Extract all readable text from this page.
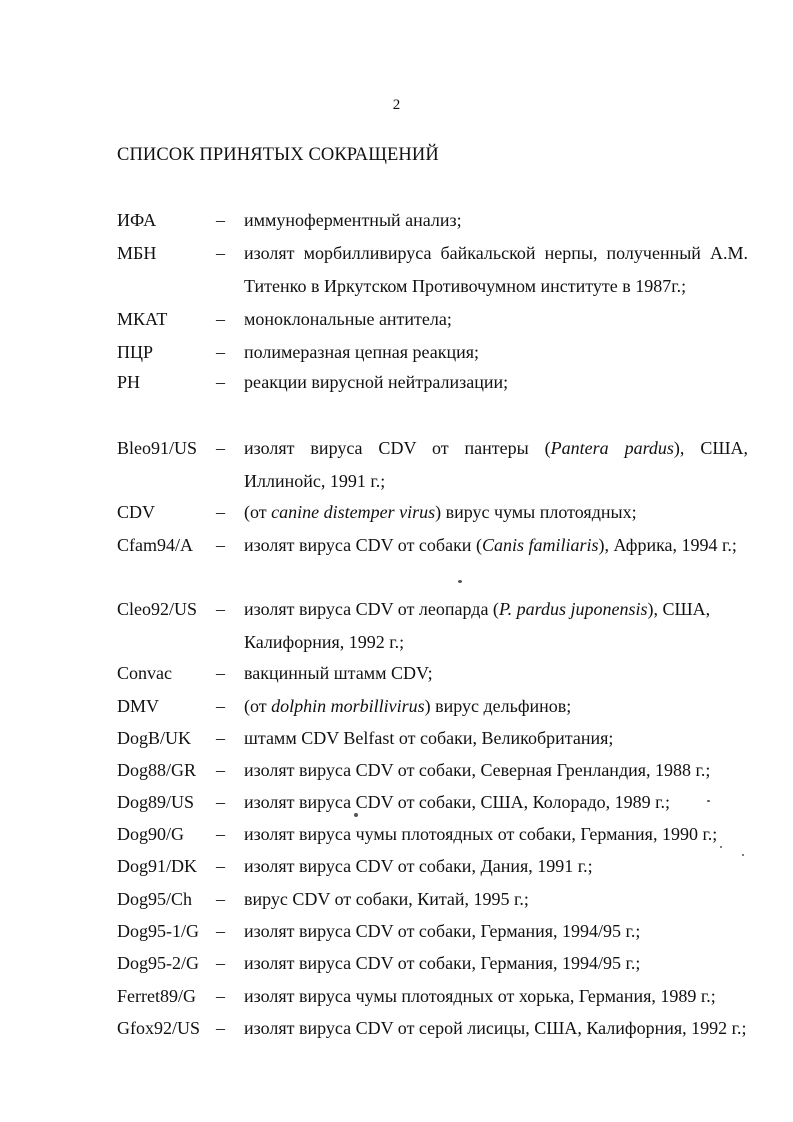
2
СПИСОК ПРИНЯТЫХ СОКРАЩЕНИЙ
ИФА	– иммуноферментный анализ;
МБН	– изолят морбилливируса байкальской нерпы, полученный А.М. Титенко в Иркутском Противочумном институте в 1987г.;
МКАТ	– моноклональные антитела;
ПЦР	– полимеразная цепная реакция;
РН	– реакции вирусной нейтрализации;
Bleo91/US – изолят вируса CDV от пантеры (Pantera pardus), США, Иллинойс, 1991 г.;
CDV	– (от canine distemper virus) вирус чумы плотоядных;
Cfam94/A – изолят вируса CDV от собаки (Canis familiaris), Африка, 1994 г.;
Cleo92/US – изолят вируса CDV от леопарда (P. pardus juponensis), США, Калифорния, 1992 г.;
Convac – вакцинный штамм CDV;
DMV	– (от dolphin morbillivirus) вирус дельфинов;
DogB/UK – штамм CDV Belfast от собаки, Великобритания;
Dog88/GR – изолят вируса CDV от собаки, Северная Гренландия, 1988 г.;
Dog89/US – изолят вируса CDV от собаки, США, Колорадо, 1989 г.;
Dog90/G – изолят вируса чумы плотоядных от собаки, Германия, 1990 г.;
Dog91/DK – изолят вируса CDV от собаки, Дания, 1991 г.;
Dog95/Ch – вирус CDV от собаки, Китай, 1995 г.;
Dog95-1/G – изолят вируса CDV от собаки, Германия, 1994/95 г.;
Dog95-2/G – изолят вируса CDV от собаки, Германия, 1994/95 г.;
Ferret89/G – изолят вируса чумы плотоядных от хорька, Германия, 1989 г.;
Gfox92/US – изолят вируса CDV от серой лисицы, США, Калифорния, 1992 г.;
